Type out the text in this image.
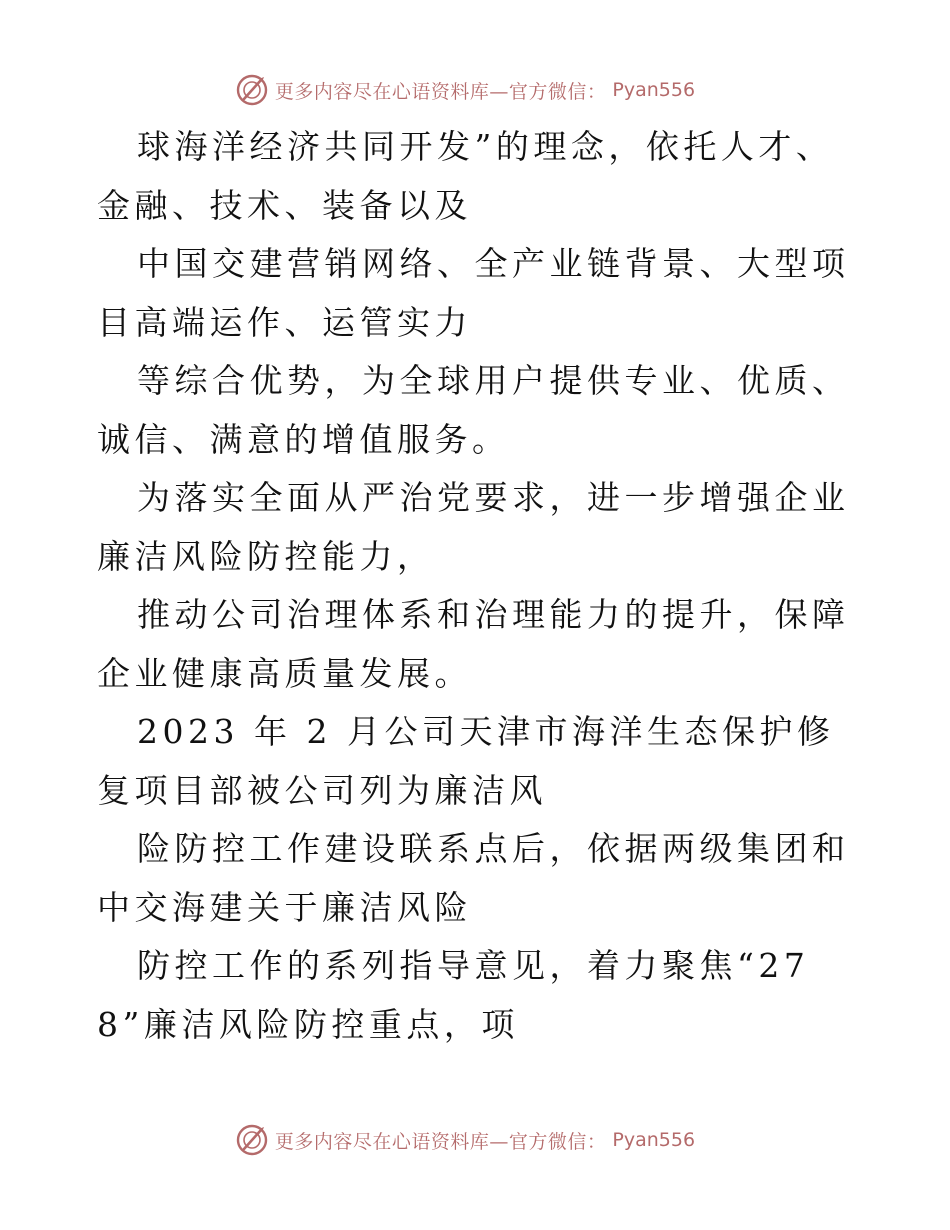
更多内容尽在心语资料库—官方微信： Pyan556

球海洋经济共同开发”的理念，依托人才、金融、技术、装备以及

中国交建营销网络、全产业链背景、大型项目高端运作、运管实力

等综合优势，为全球用户提供专业、优质、诚信、满意的增值服务。

为落实全面从严治党要求，进一步增强企业廉洁风险防控能力，

推动公司治理体系和治理能力的提升，保障企业健康高质量发展。

2023 年 2 月公司天津市海洋生态保护修复项目部被公司列为廉洁风

险防控工作建设联系点后，依据两级集团和中交海建关于廉洁风险

防控工作的系列指导意见，着力聚焦“278”廉洁风险防控重点，项

更多内容尽在心语资料库—官方微信： Pyan556
